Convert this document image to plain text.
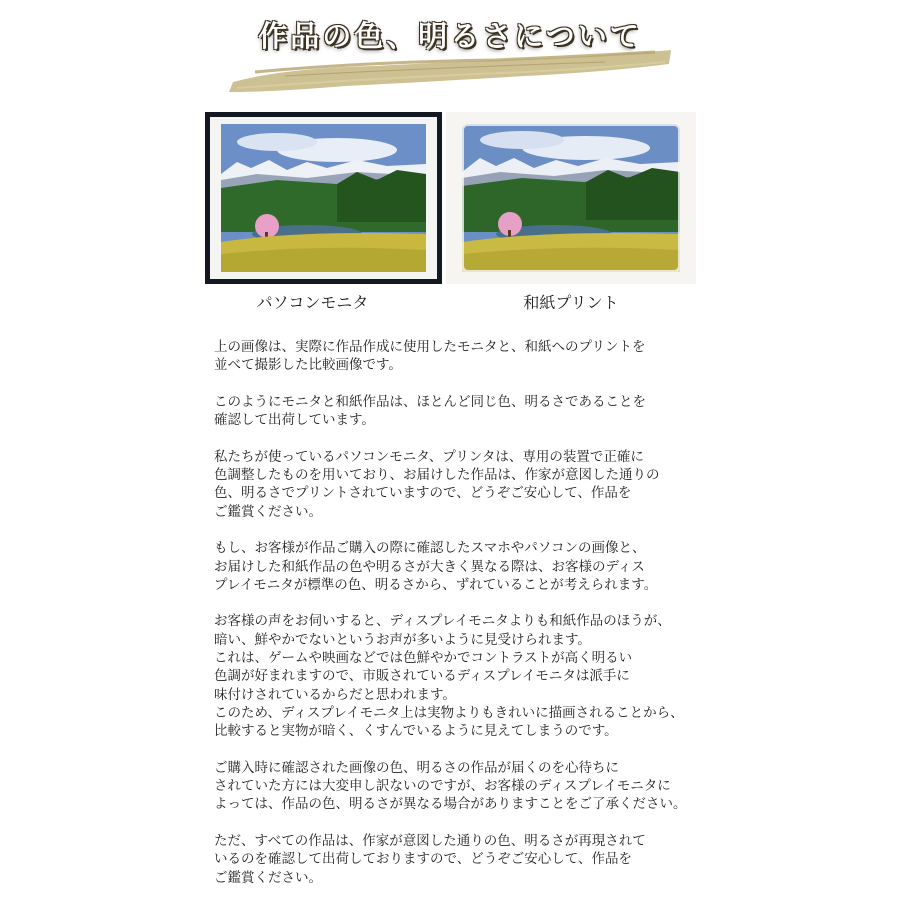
作品の色、明るさについて
パソコンモニタ	和紙プリント

上の画像は、実際に作品作成に使用したモニタと、和紙へのプリントを
並べて撮影した比較画像です。

このようにモニタと和紙作品は、ほとんど同じ色、明るさであることを
確認して出荷しています。

私たちが使っているパソコンモニタ、プリンタは、専用の装置で正確に
色調整したものを用いており、お届けした作品は、作家が意図した通りの
色、明るさでプリントされていますので、どうぞご安心して、作品を
ご鑑賞ください。

もし、お客様が作品ご購入の際に確認したスマホやパソコンの画像と、
お届けした和紙作品の色や明るさが大きく異なる際は、お客様のディス
プレイモニタが標準の色、明るさから、ずれていることが考えられます。

お客様の声をお伺いすると、ディスプレイモニタよりも和紙作品のほうが、
暗い、鮮やかでないというお声が多いように見受けられます。
これは、ゲームや映画などでは色鮮やかでコントラストが高く明るい
色調が好まれますので、市販されているディスプレイモニタは派手に
味付けされているからだと思われます。
このため、ディスプレイモニタ上は実物よりもきれいに描画されることから、
比較すると実物が暗く、くすんでいるように見えてしまうのです。

ご購入時に確認された画像の色、明るさの作品が届くのを心待ちに
されていた方には大変申し訳ないのですが、お客様のディスプレイモニタに
よっては、作品の色、明るさが異なる場合がありますことをご了承ください。

ただ、すべての作品は、作家が意図した通りの色、明るさが再現されて
いるのを確認して出荷しておりますので、どうぞご安心して、作品を
ご鑑賞ください。
